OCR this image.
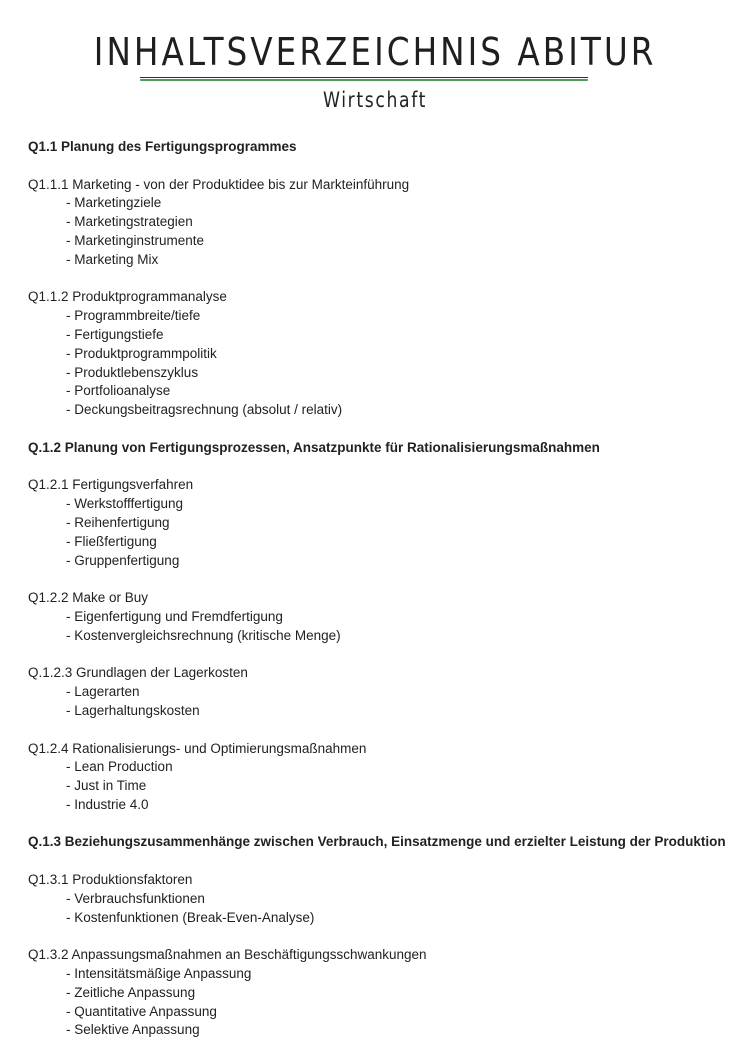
INHALTSVERZEICHNIS ABITUR
Wirtschaft
Q1.1 Planung des Fertigungsprogrammes
Q1.1.1 Marketing - von der Produktidee bis zur Markteinführung
- Marketingziele
- Marketingstrategien
- Marketinginstrumente
- Marketing Mix
Q1.1.2 Produktprogrammanalyse
- Programmbreite/tiefe
- Fertigungstiefe
- Produktprogrammpolitik
- Produktlebenszyklus
- Portfolioanalyse
- Deckungsbeitragsrechnung (absolut / relativ)
Q.1.2 Planung von Fertigungsprozessen, Ansatzpunkte für Rationalisierungsmaßnahmen
Q1.2.1 Fertigungsverfahren
- Werkstofffertigung
- Reihenfertigung
- Fließfertigung
- Gruppenfertigung
Q1.2.2 Make or Buy
- Eigenfertigung und Fremdfertigung
- Kostenvergleichsrechnung (kritische Menge)
Q.1.2.3 Grundlagen der Lagerkosten
- Lagerarten
- Lagerhaltungskosten
Q1.2.4 Rationalisierungs- und Optimierungsmaßnahmen
- Lean Production
- Just in Time
- Industrie 4.0
Q.1.3 Beziehungszusammenhänge zwischen Verbrauch, Einsatzmenge und erzielter Leistung der Produktion
Q1.3.1 Produktionsfaktoren
- Verbrauchsfunktionen
- Kostenfunktionen (Break-Even-Analyse)
Q1.3.2 Anpassungsmaßnahmen an Beschäftigungsschwankungen
- Intensitätsmäßige Anpassung
- Zeitliche Anpassung
- Quantitative Anpassung
- Selektive Anpassung
